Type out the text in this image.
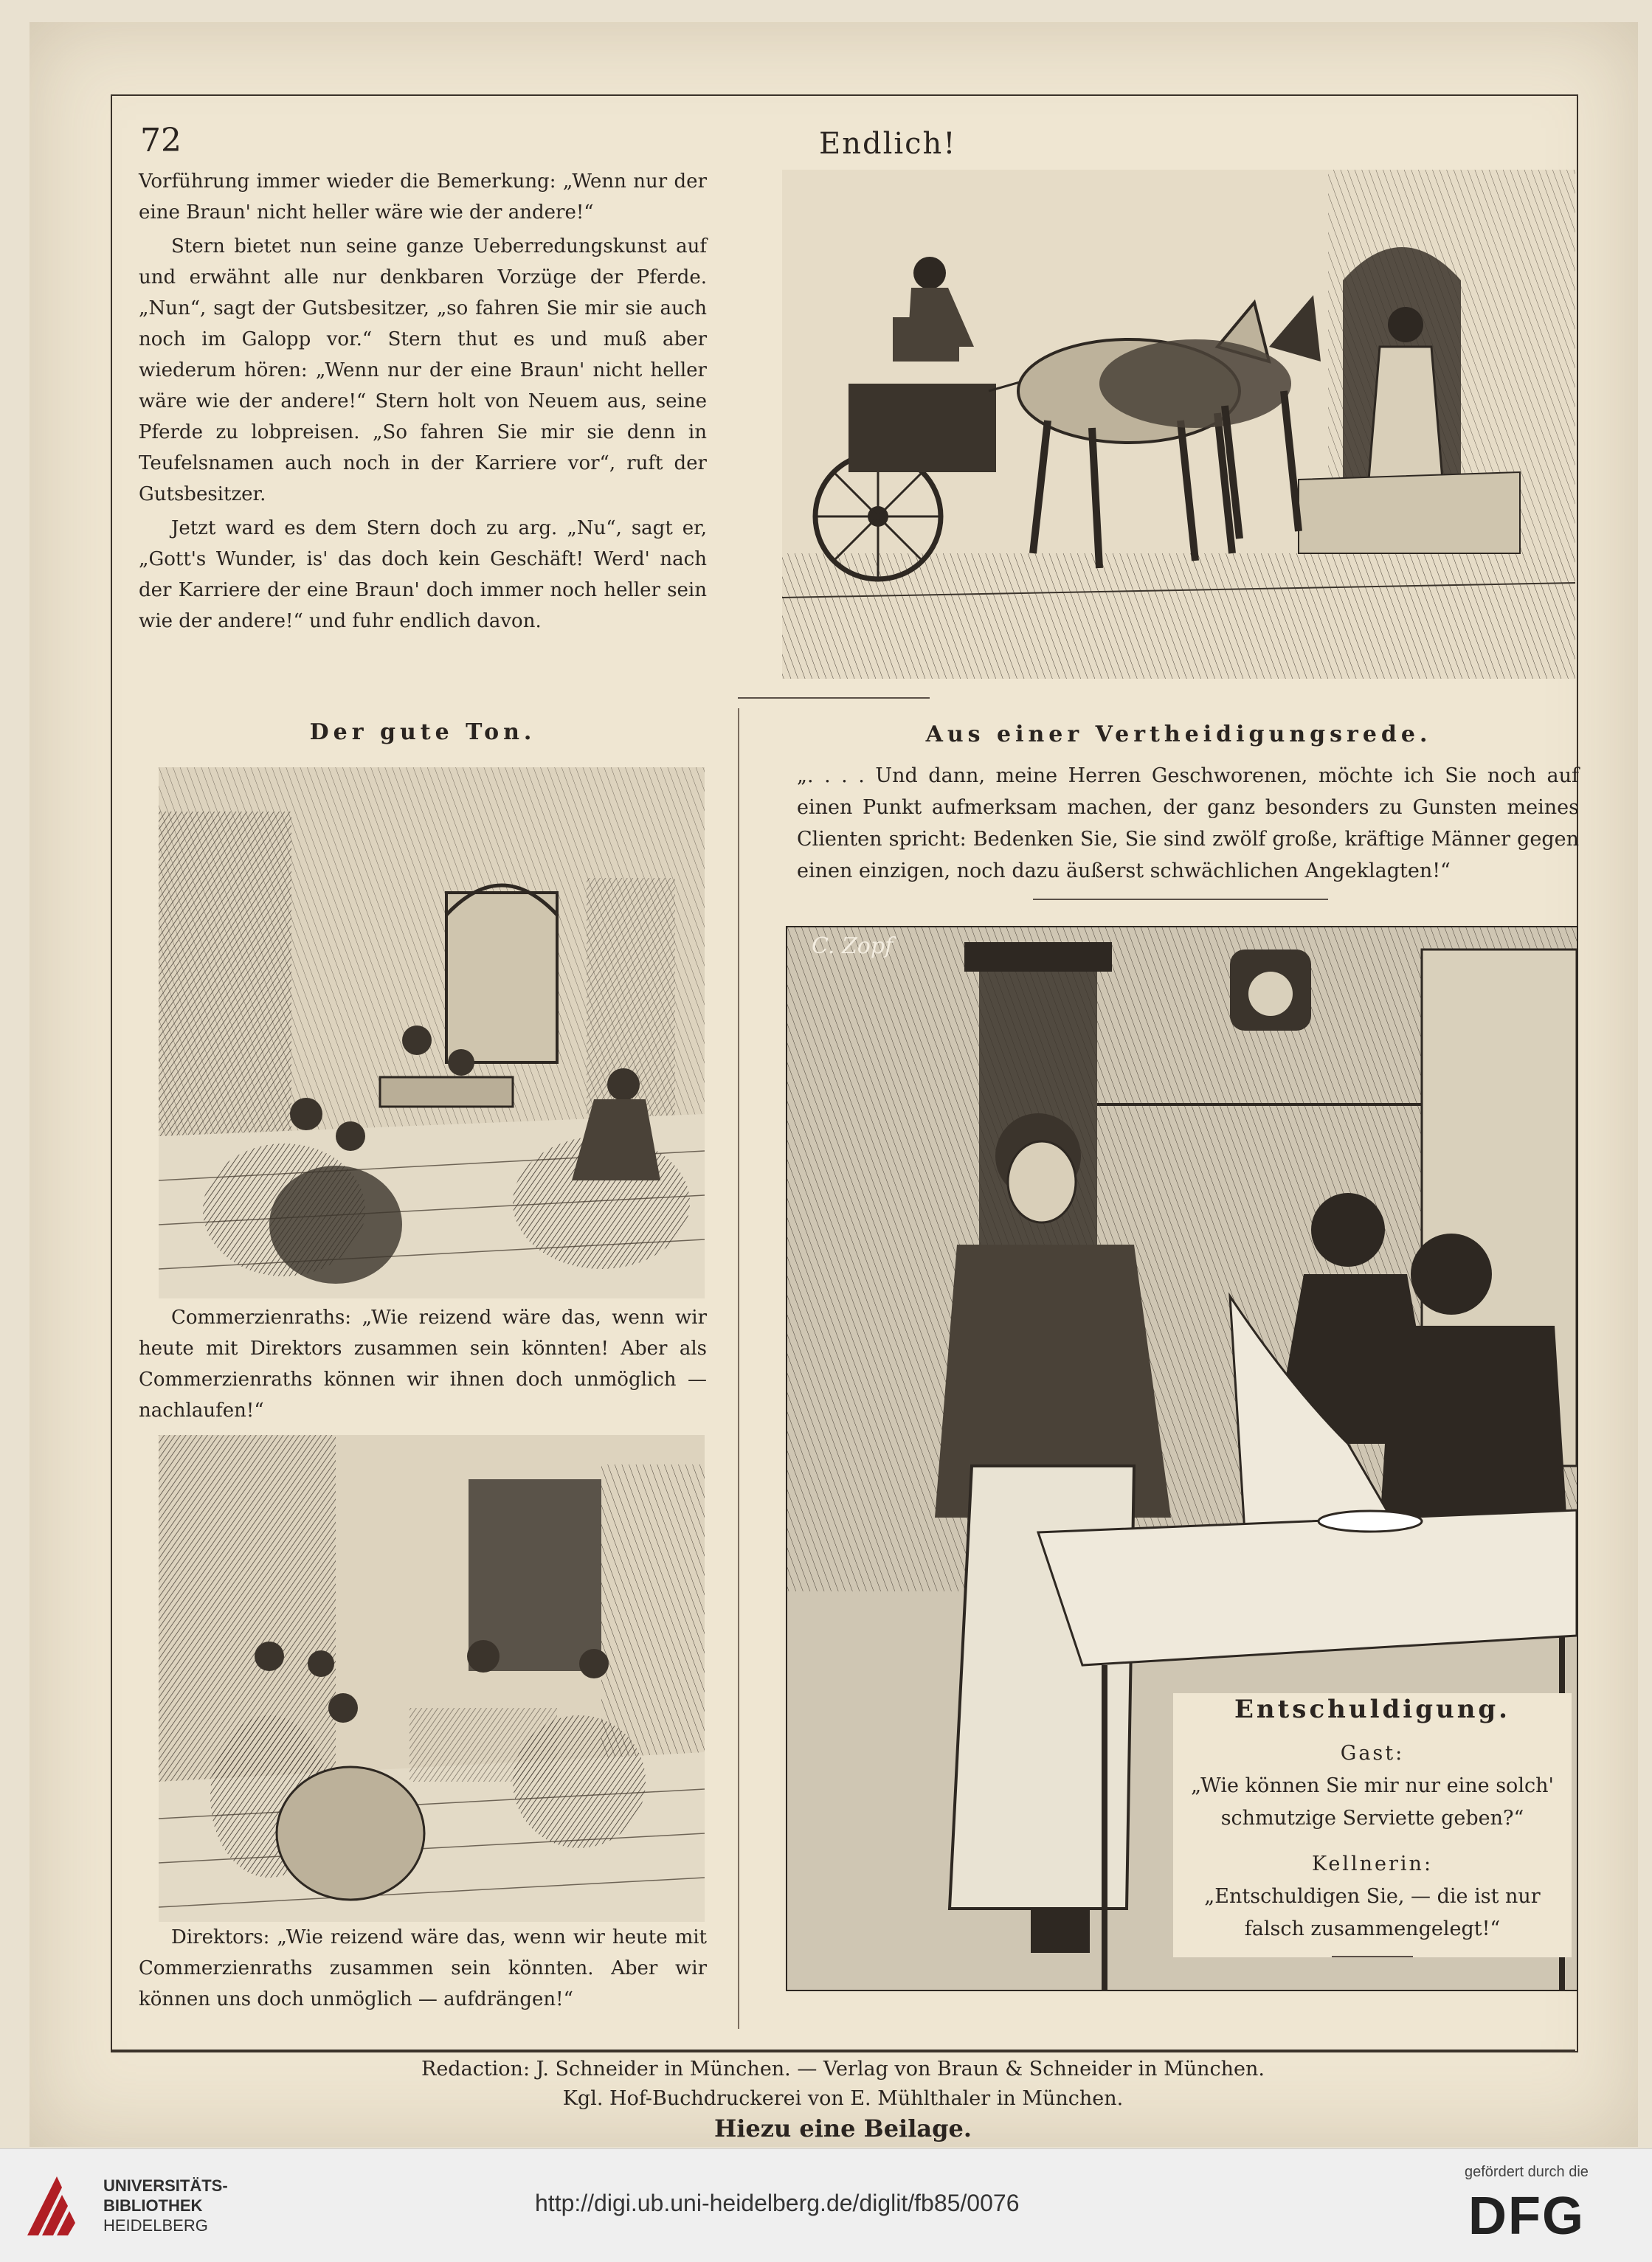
72	Endlich!

Vorführung immer wieder die Bemerkung: „Wenn nur der eine Braun' nicht heller wäre wie der andere!“

Stern bietet nun seine ganze Ueberredungskunst auf und erwähnt alle nur denkbaren Vorzüge der Pferde. „Nun“, sagt der Gutsbesitzer, „so fahren Sie mir sie auch noch im Galopp vor.“ Stern thut es und muß aber wiederum hören: „Wenn nur der eine Braun' nicht heller wäre wie der andere!“ Stern holt von Neuem aus, seine Pferde zu lobpreisen. „So fahren Sie mir sie denn in Teufelsnamen auch noch in der Karriere vor“, ruft der Gutsbesitzer.

Jetzt ward es dem Stern doch zu arg. „Nu“, sagt er, „Gott's Wunder, is' das doch kein Geschäft! Werd' nach der Karriere der eine Braun' doch immer noch heller sein wie der andere!“ und fuhr endlich davon.

Der gute Ton.
Commerzienraths: „Wie reizend wäre das, wenn wir heute mit Direktors zusammen sein könnten! Aber als Commerzienraths können wir ihnen doch unmöglich — nachlaufen!“
Direktors: „Wie reizend wäre das, wenn wir heute mit Commerzienraths zusammen sein könnten. Aber wir können uns doch unmöglich — aufdrängen!“
Aus einer Vertheidigungsrede.
„. . . . Und dann, meine Herren Geschworenen, möchte ich Sie noch auf einen Punkt aufmerksam machen, der ganz besonders zu Gunsten meines Clienten spricht: Bedenken Sie, Sie sind zwölf große, kräftige Männer gegen einen einzigen, noch dazu äußerst schwächlichen Angeklagten!“
C. Zopf
Entschuldigung.
Gast:
„Wie können Sie mir nur eine solch' schmutzige Serviette geben?“
Kellnerin:
„Entschuldigen Sie, — die ist nur falsch zusammengelegt!“
Redaction: J. Schneider in München. — Verlag von Braun & Schneider in München.
Kgl. Hof-Buchdruckerei von E. Mühlthaler in München.
Hiezu eine Beilage.
UNIVERSITÄTS-
BIBLIOTHEK
HEIDELBERG
http://digi.ub.uni-heidelberg.de/diglit/fb85/0076
gefördert durch die
DFG
